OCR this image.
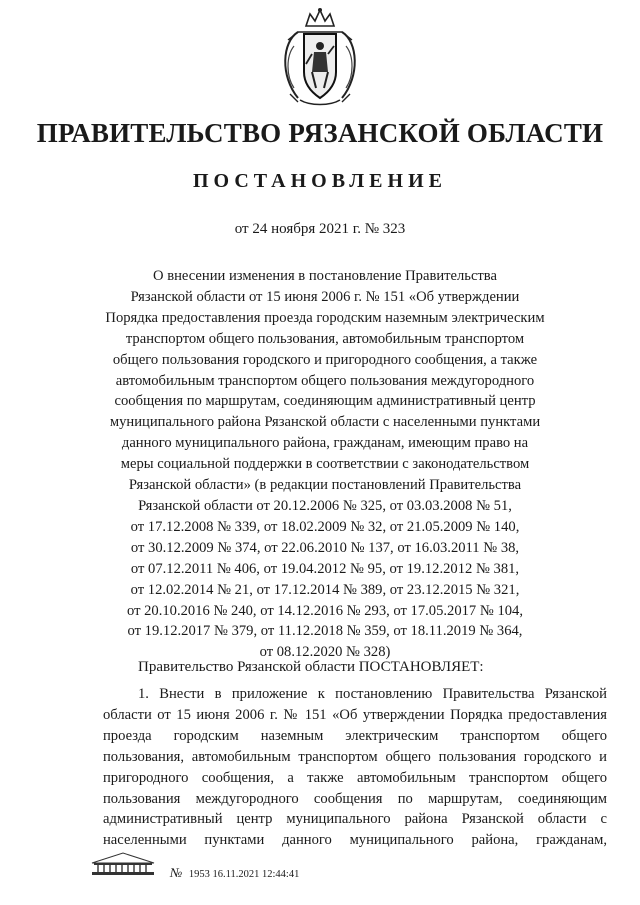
ПРАВИТЕЛЬСТВО РЯЗАНСКОЙ ОБЛАСТИ
ПОСТАНОВЛЕНИЕ
от 24 ноября 2021 г. № 323
О внесении изменения в постановление Правительства
Рязанской области от 15 июня 2006 г. № 151 «Об утверждении
Порядка предоставления проезда городским наземным электрическим
транспортом общего пользования, автомобильным транспортом
общего пользования городского и пригородного сообщения, а также
автомобильным транспортом общего пользования междугородного
сообщения по маршрутам, соединяющим административный центр
муниципального района Рязанской области с населенными пунктами
данного муниципального района, гражданам, имеющим право на
меры социальной поддержки в соответствии с законодательством
Рязанской области» (в редакции постановлений Правительства
Рязанской области от 20.12.2006 № 325, от 03.03.2008 № 51,
от 17.12.2008 № 339, от 18.02.2009 № 32, от 21.05.2009 № 140,
от 30.12.2009 № 374, от 22.06.2010 № 137, от 16.03.2011 № 38,
от 07.12.2011 № 406, от 19.04.2012 № 95, от 19.12.2012 № 381,
от 12.02.2014 № 21, от 17.12.2014 № 389, от 23.12.2015 № 321,
от 20.10.2016 № 240, от 14.12.2016 № 293, от 17.05.2017 № 104,
от 19.12.2017 № 379, от 11.12.2018 № 359, от 18.11.2019 № 364,
от 08.12.2020 № 328)
Правительство Рязанской области ПОСТАНОВЛЯЕТ:
1. Внести в приложение к постановлению Правительства Рязанской
области от 15 июня 2006 г. № 151 «Об утверждении Порядка предоставления
проезда городским наземным электрическим транспортом общего
пользования, автомобильным транспортом общего пользования городского и
пригородного сообщения, а также автомобильным транспортом общего
пользования междугородного сообщения по маршрутам, соединяющим
административный центр муниципального района Рязанской области с
населенными пунктами данного муниципального района, гражданам,
№ 1953 16.11.2021 12:44:41
